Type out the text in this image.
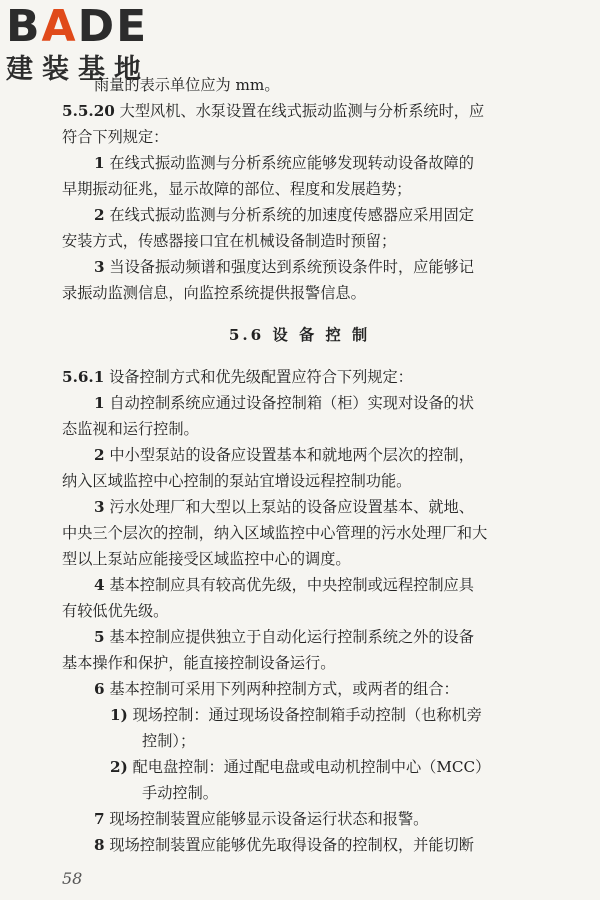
BADE
建装基地
雨量的表示单位应为 mm。
5.5.20 大型风机、水泵设置在线式振动监测与分析系统时，应
符合下列规定：
1 在线式振动监测与分析系统应能够发现转动设备故障的
早期振动征兆，显示故障的部位、程度和发展趋势；
2 在线式振动监测与分析系统的加速度传感器应采用固定
安装方式，传感器接口宜在机械设备制造时预留；
3 当设备振动频谱和强度达到系统预设条件时，应能够记
录振动监测信息，向监控系统提供报警信息。
5.6 设 备 控 制
5.6.1 设备控制方式和优先级配置应符合下列规定：
1 自动控制系统应通过设备控制箱（柜）实现对设备的状
态监视和运行控制。
2 中小型泵站的设备应设置基本和就地两个层次的控制，
纳入区域监控中心控制的泵站宜增设远程控制功能。
3 污水处理厂和大型以上泵站的设备应设置基本、就地、
中央三个层次的控制，纳入区域监控中心管理的污水处理厂和大
型以上泵站应能接受区域监控中心的调度。
4 基本控制应具有较高优先级，中央控制或远程控制应具
有较低优先级。
5 基本控制应提供独立于自动化运行控制系统之外的设备
基本操作和保护，能直接控制设备运行。
6 基本控制可采用下列两种控制方式，或两者的组合：
1) 现场控制：通过现场设备控制箱手动控制（也称机旁
控制）；
2) 配电盘控制：通过配电盘或电动机控制中心（MCC）
手动控制。
7 现场控制装置应能够显示设备运行状态和报警。
8 现场控制装置应能够优先取得设备的控制权，并能切断
58
